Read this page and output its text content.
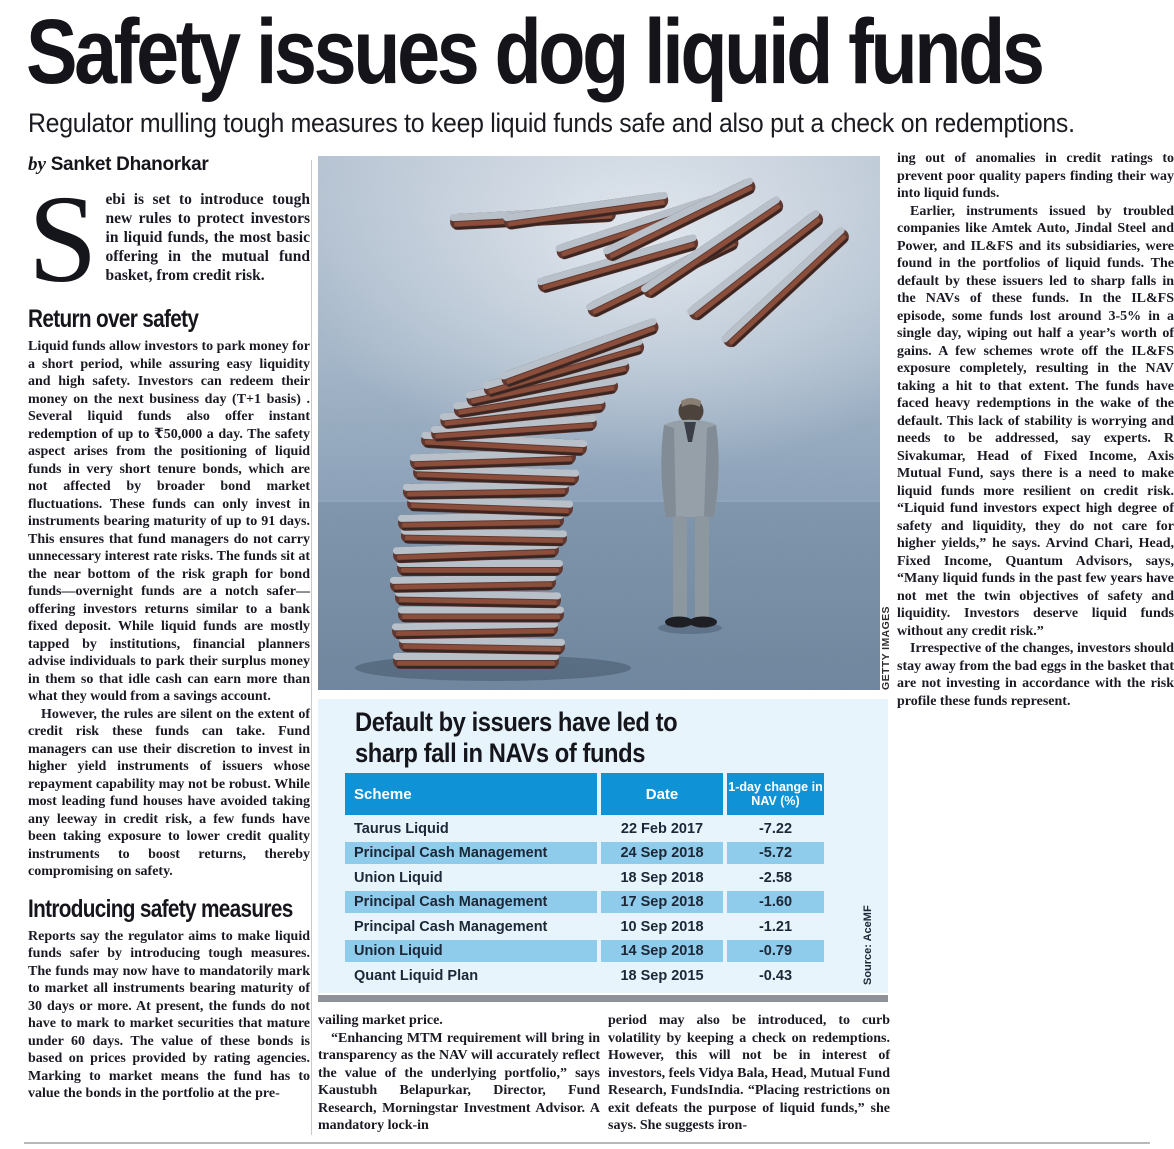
Safety issues dog liquid funds
Regulator mulling tough measures to keep liquid funds safe and also put a check on redemptions.

by Sanket Dhanorkar

Sebi is set to introduce tough new rules to protect investors in liquid funds, the most basic offering in the mutual fund basket, from credit risk.

Return over safety

Liquid funds allow investors to park money for a short period, while assuring easy liquidity and high safety. Investors can redeem their money on the next business day (T+1 basis) . Several liquid funds also offer instant redemption of up to ₹50,000 a day. The safety aspect arises from the positioning of liquid funds in very short tenure bonds, which are not affected by broader bond market fluctuations. These funds can only invest in instruments bearing maturity of up to 91 days. This ensures that fund managers do not carry unnecessary interest rate risks. The funds sit at the near bottom of the risk graph for bond funds—overnight funds are a notch safer—offering investors returns similar to a bank fixed deposit. While liquid funds are mostly tapped by institutions, financial planners advise individuals to park their surplus money in them so that idle cash can earn more than what they would from a savings account.

However, the rules are silent on the extent of credit risk these funds can take. Fund managers can use their discretion to invest in higher yield instruments of issuers whose repayment capability may not be robust. While most leading fund houses have avoided taking any leeway in credit risk, a few funds have been taking exposure to lower credit quality instruments to boost returns, thereby compromising on safety.

Introducing safety measures

Reports say the regulator aims to make liquid funds safer by introducing tough measures. The funds may now have to mandatorily mark to market all instruments bearing maturity of 30 days or more. At present, the funds do not have to mark to market securities that mature under 60 days. The value of these bonds is based on prices provided by rating agencies. Marking to market means the fund has to value the bonds in the portfolio at the pre-

GETTY IMAGES
Default by issuers have led to
sharp fall in NAVs of funds
Scheme	Date	1-day change in NAV (%)
Taurus Liquid	22 Feb 2017	-7.22
Principal Cash Management	24 Sep 2018	-5.72
Union Liquid	18 Sep 2018	-2.58
Principal Cash Management	17 Sep 2018	-1.60
Principal Cash Management	10 Sep 2018	-1.21
Union Liquid	14 Sep 2018	-0.79
Quant Liquid Plan	18 Sep 2015	-0.43	Source: AceMF

vailing market price.

“Enhancing MTM requirement will bring in transparency as the NAV will accurately reflect the value of the underlying portfolio,” says Kaustubh Belapurkar, Director, Fund Research, Morningstar Investment Advisor. A mandatory lock-in

period may also be introduced, to curb volatility by keeping a check on redemptions. However, this will not be in interest of investors, feels Vidya Bala, Head, Mutual Fund Research, FundsIndia. “Placing restrictions on exit defeats the purpose of liquid funds,” she says. She suggests iron-

ing out of anomalies in credit ratings to prevent poor quality papers finding their way into liquid funds.

Earlier, instruments issued by troubled companies like Amtek Auto, Jindal Steel and Power, and IL&FS and its subsidiaries, were found in the portfolios of liquid funds. The default by these issuers led to sharp falls in the NAVs of these funds. In the IL&FS episode, some funds lost around 3-5% in a single day, wiping out half a year’s worth of gains. A few schemes wrote off the IL&FS exposure completely, resulting in the NAV taking a hit to that extent. The funds have faced heavy redemptions in the wake of the default. This lack of stability is worrying and needs to be addressed, say experts. R Sivakumar, Head of Fixed Income, Axis Mutual Fund, says there is a need to make liquid funds more resilient on credit risk. “Liquid fund investors expect high degree of safety and liquidity, they do not care for higher yields,” he says. Arvind Chari, Head, Fixed Income, Quantum Advisors, says, “Many liquid funds in the past few years have not met the twin objectives of safety and liquidity. Investors deserve liquid funds without any credit risk.”

Irrespective of the changes, investors should stay away from the bad eggs in the basket that are not investing in accordance with the risk profile these funds represent.
